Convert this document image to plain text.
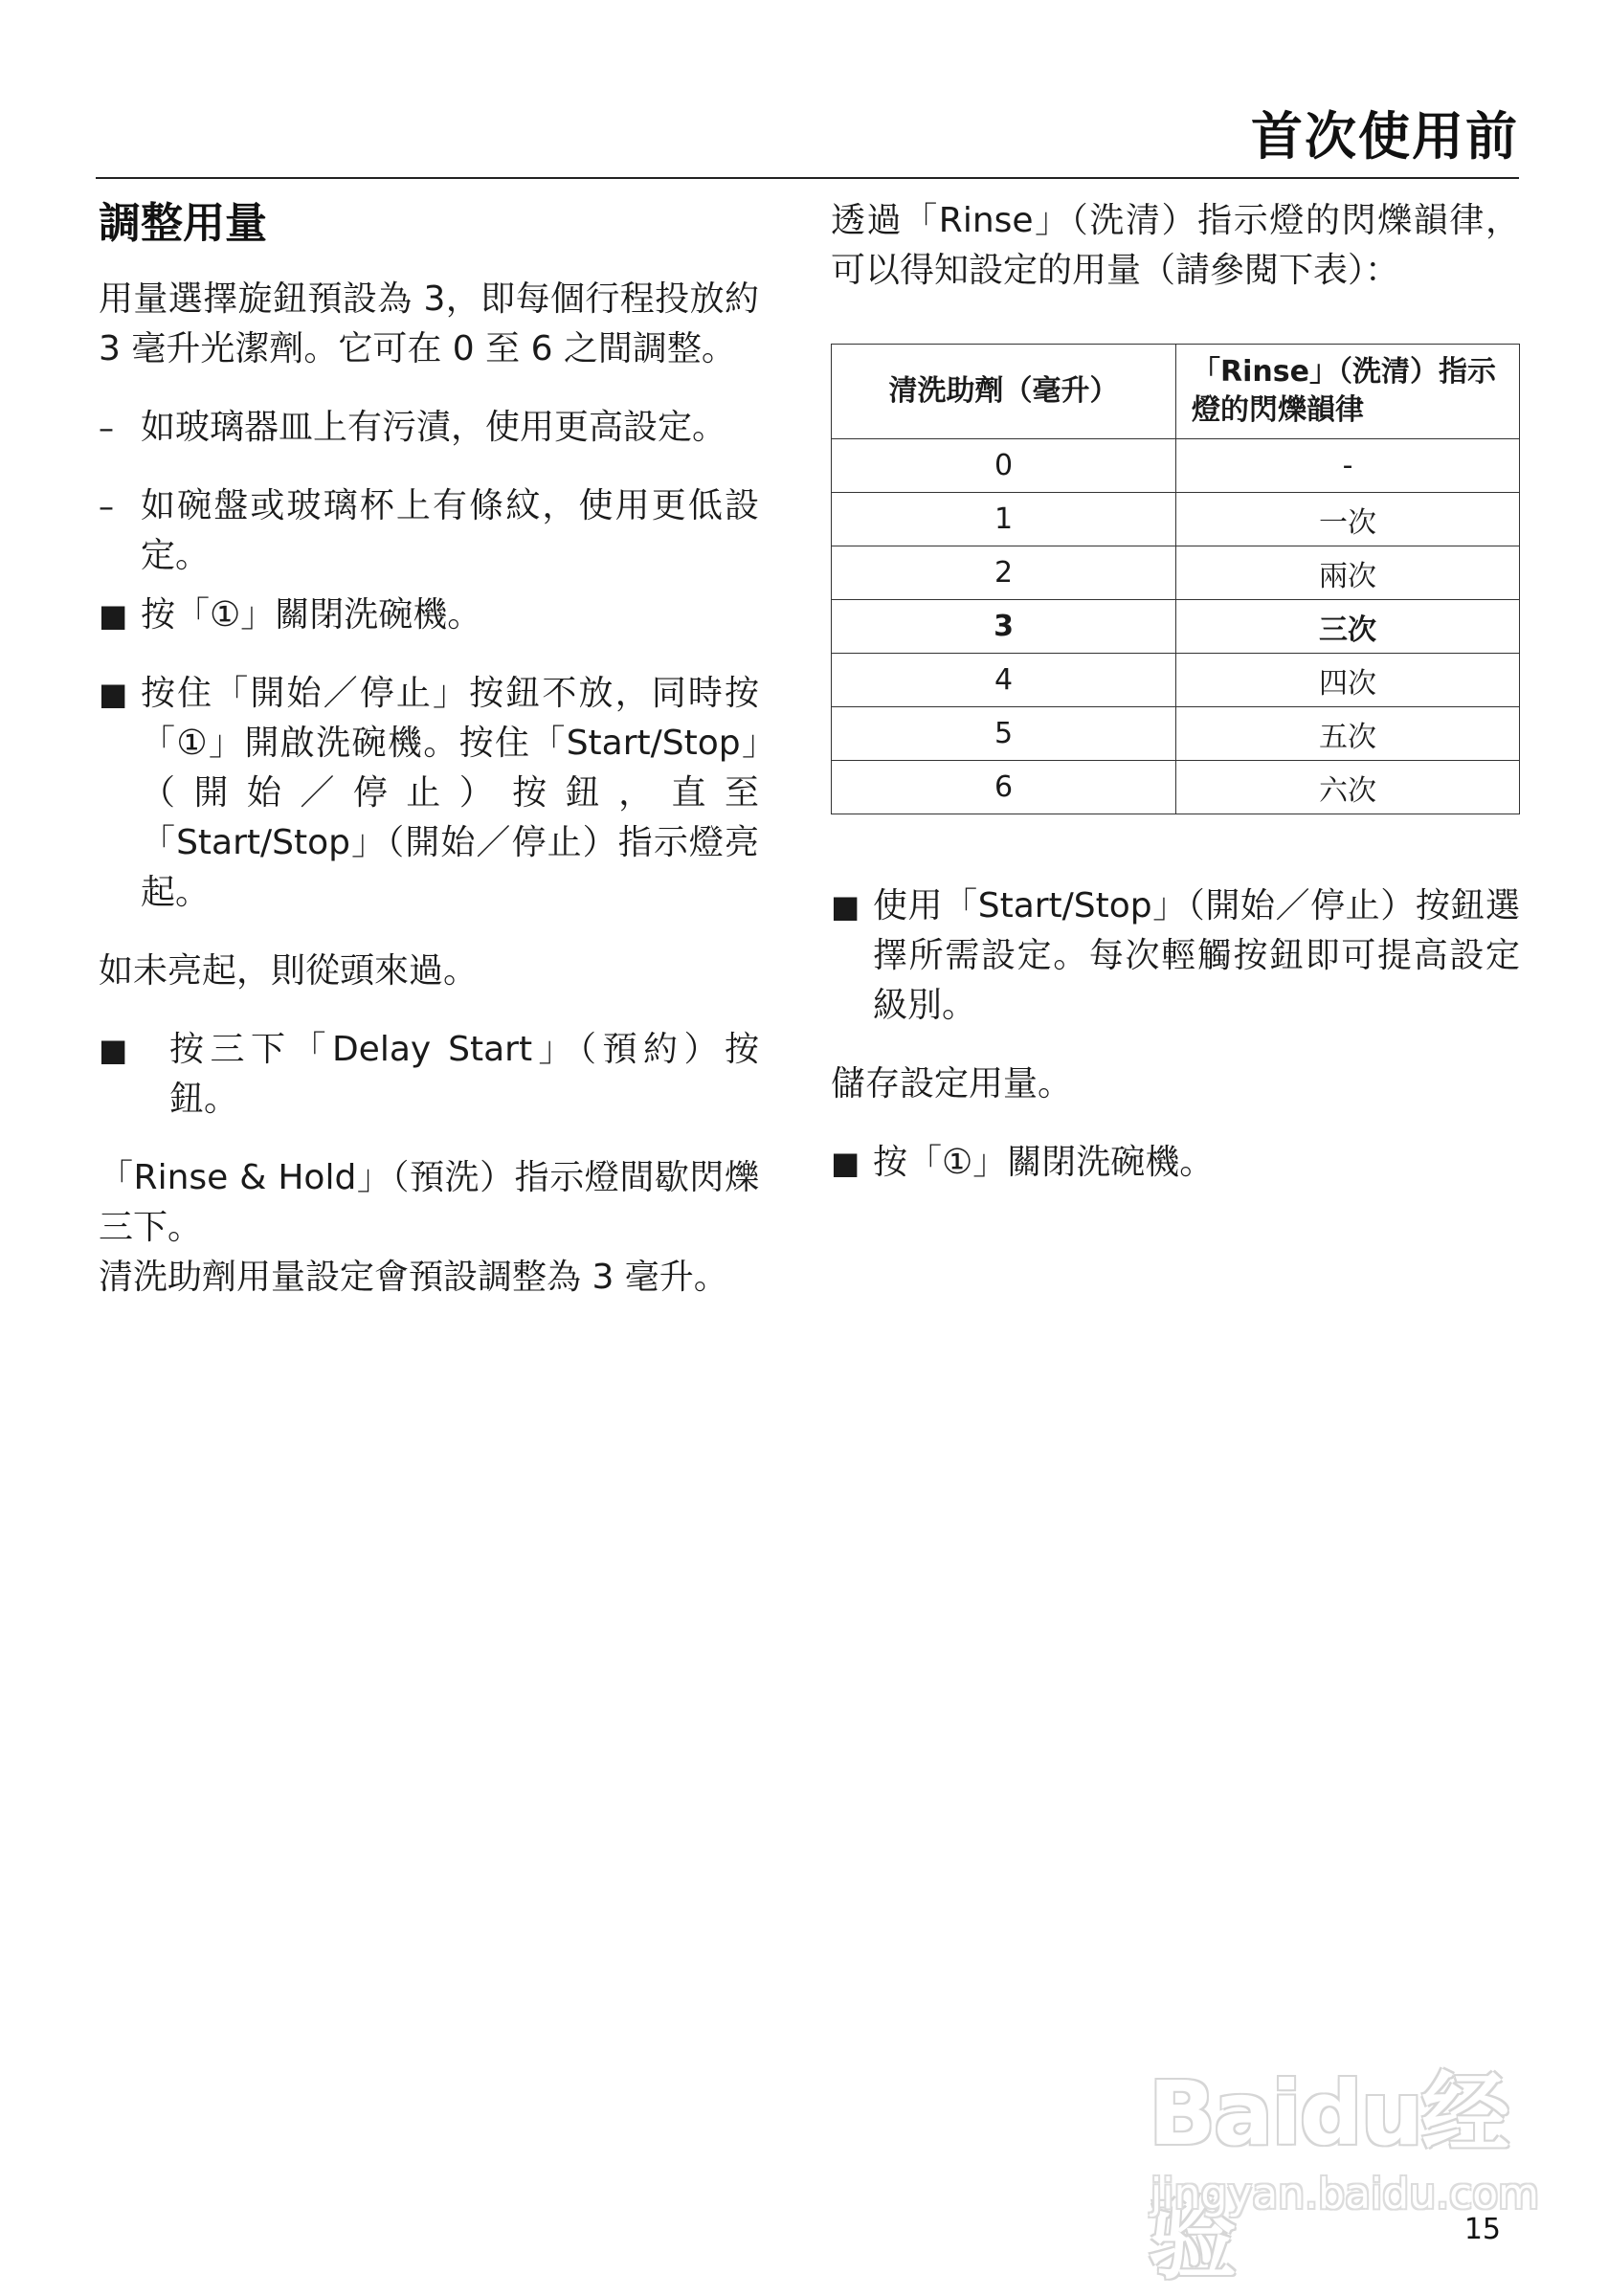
首次使用前
調整用量

用量選擇旋鈕預設為 3，即每個行程投放約 3 毫升光潔劑。它可在 0 至 6 之間調整。

– 如玻璃器皿上有污漬，使用更高設定。
– 如碗盤或玻璃杯上有條紋，使用更低設定。
■ 按「①」關閉洗碗機。
■ 按住「開始／停止」按鈕不放，同時按「①」開啟洗碗機。按住「Start/Stop」（開始／停止）按鈕，直至「Start/Stop」（開始／停止）指示燈亮起。

如未亮起，則從頭來過。

■ 按三下「Delay Start」（預約）按鈕。

「Rinse & Hold」（預洗）指示燈間歇閃爍三下。

清洗助劑用量設定會預設調整為 3 毫升。

透過「Rinse」（洗清）指示燈的閃爍韻律，可以得知設定的用量（請參閱下表）：

清洗助劑（毫升）	「Rinse」（洗清）指示燈的閃爍韻律
0	-
1	一次
2	兩次
3	三次
4	四次
5	五次
6	六次
■ 使用「Start/Stop」（開始／停止）按鈕選擇所需設定。每次輕觸按鈕即可提高設定級別。

儲存設定用量。

■ 按「①」關閉洗碗機。
Baidu经验
jingyan.baidu.com
15
